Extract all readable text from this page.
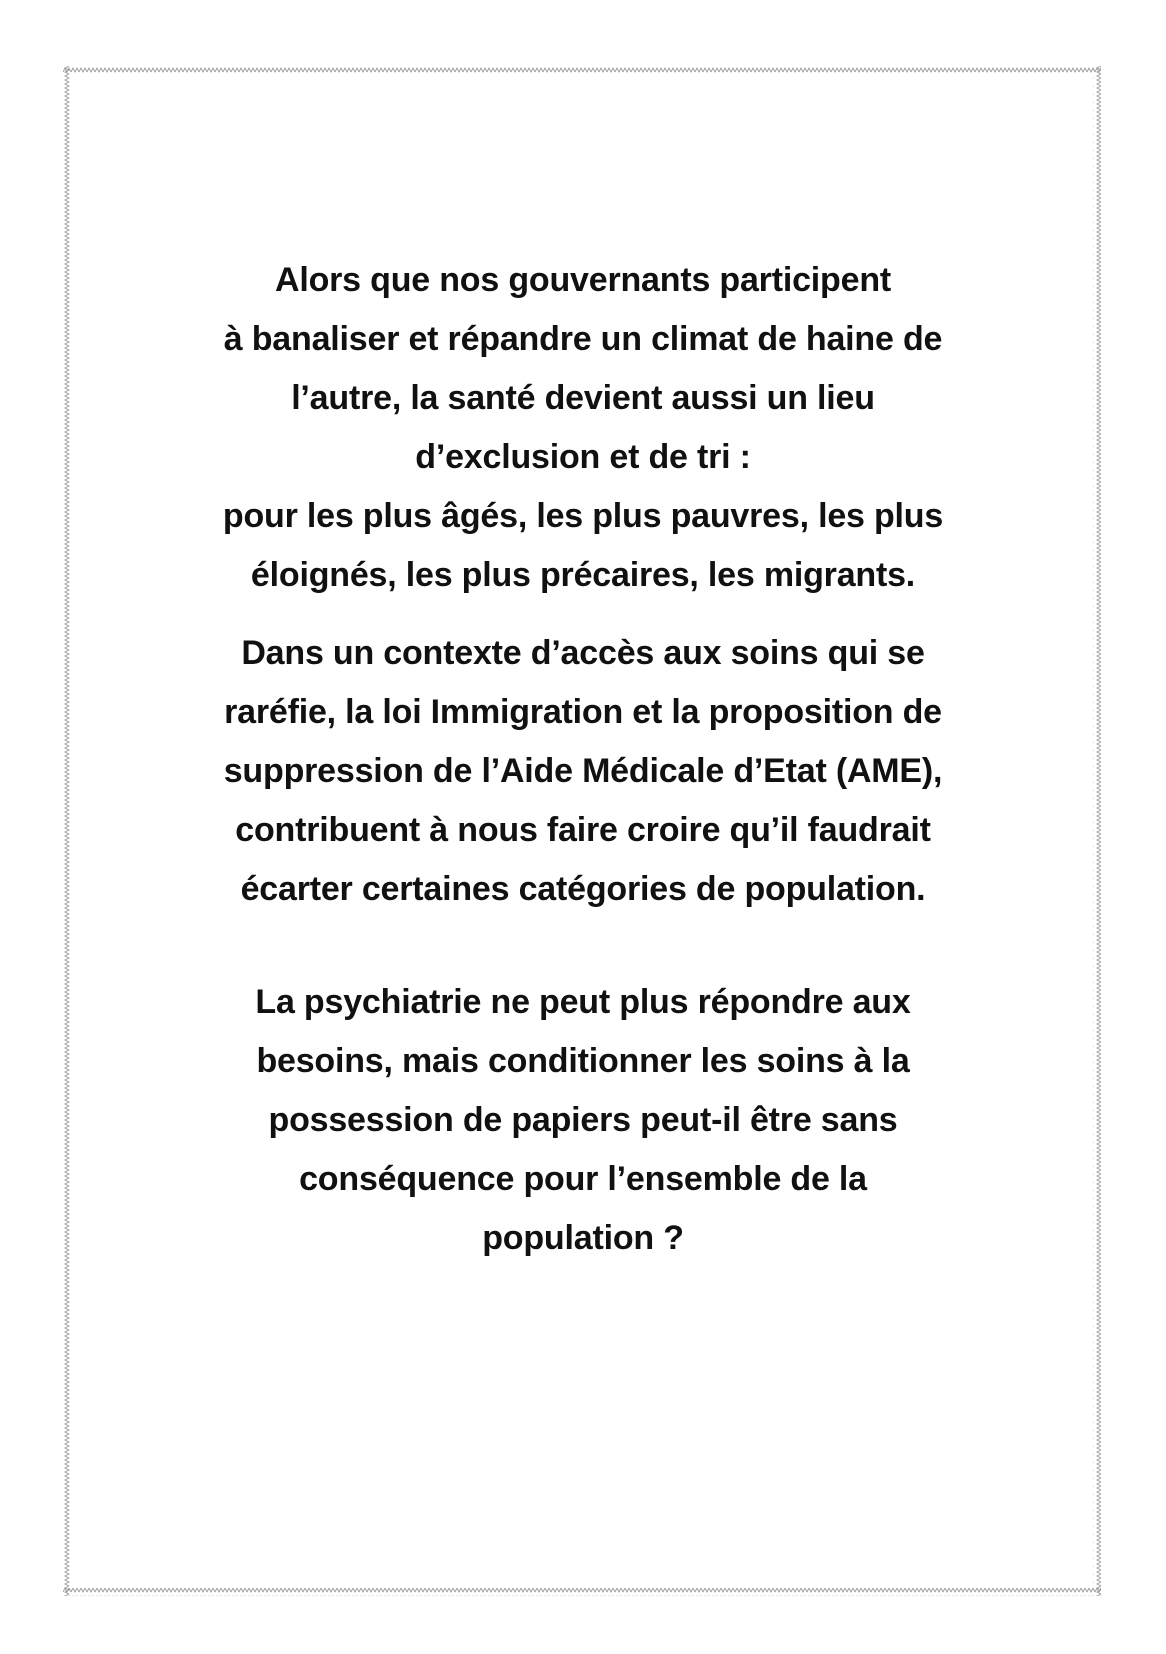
Alors que nos gouvernants participent
à banaliser et répandre un climat de haine de
l’autre, la santé devient aussi un lieu
d’exclusion et de tri :
pour les plus âgés, les plus pauvres, les plus
éloignés, les plus précaires, les migrants.
Dans un contexte d’accès aux soins qui se
raréfie, la loi Immigration et la proposition de
suppression de l’Aide Médicale d’Etat (AME),
contribuent à nous faire croire qu’il faudrait
écarter certaines catégories de population.
La psychiatrie ne peut plus répondre aux
besoins, mais conditionner les soins à la
possession de papiers peut-il être sans
conséquence pour l’ensemble de la
population ?
